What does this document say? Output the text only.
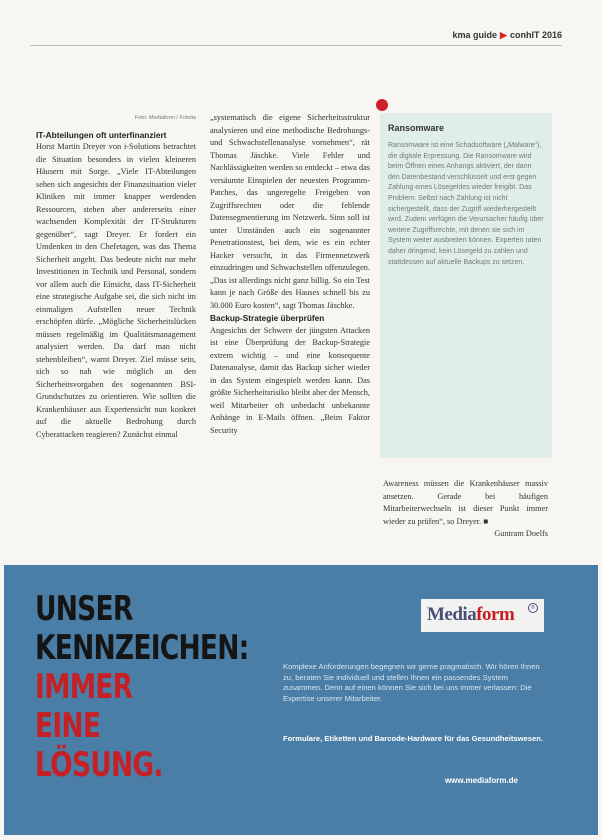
kma guide ▶ conhIT 2016
Foto: Mediaform / Fotolia

IT-Abteilungen oft unterfinanziert

Horst Martin Dreyer von i-Solutions betrachtet die Situation besonders in vielen kleineren Häusern mit Sorge. „Viele IT-Abteilungen sehen sich angesichts der Finanzsituation vieler Kliniken mit immer knapper werdenden Ressourcen, stehen aber andererseits einer wachsenden Komplexität der IT-Strukturen gegenüber“, sagt Dreyer. Er fordert ein Umdenken in den Chefetagen, was das Thema Sicherheit angeht. Das bedeute nicht nur mehr Investitionen in Technik und Personal, sondern vor allem auch die Einsicht, dass IT-Sicherheit eine strategische Aufgabe sei, die sich nicht im einmaligen Aufstellen neuer Technik erschöpfen dürfe. „Mögliche Sicherheitslücken müssen regelmäßig im Qualitätsmanagement analysiert werden. Da darf man nicht stehenbleiben“, warnt Dreyer. Ziel müsse sein, sich so nah wie möglich an den Sicherheitsvorgaben des sogenannten BSI-Grundschutzes zu orientieren. Wie sollten die Krankenhäuser aus Expertensicht nun konkret auf die aktuelle Bedrohung durch Cyberattacken reagieren? Zunächst einmal

„systematisch die eigene Sicherheitsstruktur analysieren und eine methodische Bedrohungs- und Schwachstellenanalyse vornehmen“, rät Thomas Jäschke. Viele Fehler und Nachlässigkeiten werden so entdeckt – etwa das versäumte Einspielen der neuesten Programm-Patches, das ungeregelte Freigeben von Zugriffsrechten oder die fehlende Datensegmentierung im Netzwerk. Sinn soll ist unter Umständen auch ein sogenannter Penetrationstest, bei dem, wie es ein echter Hacker versucht, in das Firmennetzwerk einzudringen und Schwachstellen offenzulegen. „Das ist allerdings nicht ganz billig. So ein Test kann je nach Größe des Hauses schnell bis zu 30.000 Euro kosten“, sagt Thomas Jäschke.

Backup-Strategie überprüfen

Angesichts der Schwere der jüngsten Attacken ist eine Überprüfung der Backup-Strategie extrem wichtig – und eine konsequente Datenanalyse, damit das Backup sicher wieder in das System eingespielt werden kann. Das größte Sicherheitsrisiko bleibt aber der Mensch, weil Mitarbeiter oft unbedacht unbekannte Anhänge in E-Mails öffnen. „Beim Faktor Security

Ransomware

Ransomware ist eine Schadsoftware („Malware“), die digitale Erpressung. Die Ransomware wird beim Öffnen eines Anhangs aktiviert, der dann den Datenbestand verschlüsselt und erst gegen Zahlung eines Lösegeldes wieder freigibt. Das Problem: Selbst nach Zahlung ist nicht sichergestellt, dass der Zugriff wiederhergestellt wird. Zudem verfügen die Verursacher häufig über weitere Zugriffsrechte, mit denen sie sich im System weiter ausbreiten können. Experten raten daher dringend, kein Lösegeld zu zahlen und stattdessen auf aktuelle Backups zu setzen.

Awareness müssen die Krankenhäuser massiv ansetzen. Gerade bei häufigen Mitarbeiterwechseln ist dieser Punkt immer wieder zu prüfen“, so Dreyer. ■

Guntram Doelfs

UNSER
KENNZEICHEN:
IMMER
EINE
LÖSUNG.
Mediaform	®
Komplexe Anforderungen begegnen wir gerne pragmatisch. Wir hören Ihnen zu, beraten Sie individuell und stellen Ihnen ein passendes System zusammen. Denn auf einen können Sie sich bei uns immer verlassen: Die Expertise unserer Mitarbeiter.
Formulare, Etiketten und Barcode-Hardware für das Gesundheitswesen.
www.mediaform.de
